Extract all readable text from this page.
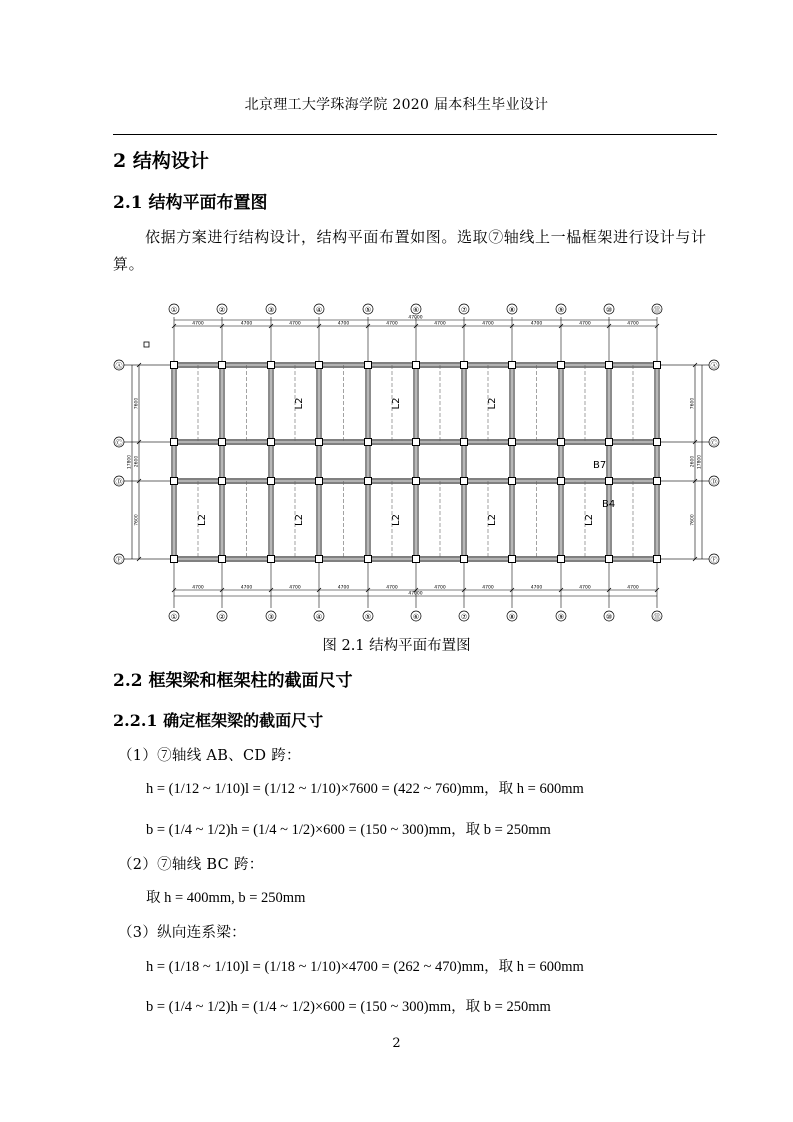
北京理工大学珠海学院 2020 届本科生毕业设计
2 结构设计
2.1 结构平面布置图
依据方案进行结构设计，结构平面布置如图。选取⑦轴线上一榀框架进行设计与计算。
①	②	③	④	⑤	⑥	⑦	⑧	⑨	⑩	⑪
①	②	③	④	⑤	⑥	⑦	⑧	⑨	⑩	⑪
Ⓐ
Ⓒ
Ⓓ
Ⓕ
Ⓐ
Ⓒ
Ⓓ
Ⓕ
47000
4700	4700	4700	4700	4700	4700	4700	4700	4700	4700
47000
4700	4700	4700	4700	4700	4700	4700	4700	4700	4700
17800
7600
2600
7600
17800
7600
2600
7600
L2	L2	L2
L2	L2	L2	L2	L2
B7
B4
图 2.1 结构平面布置图
2.2 框架梁和框架柱的截面尺寸
2.2.1 确定框架梁的截面尺寸
（1）⑦轴线 AB、CD 跨：
h = (1/12 ~ 1/10)l = (1/12 ~ 1/10)×7600 = (422 ~ 760)mm，取 h = 600mm
b = (1/4 ~ 1/2)h = (1/4 ~ 1/2)×600 = (150 ~ 300)mm，取 b = 250mm
（2）⑦轴线 BC 跨：
取 h = 400mm, b = 250mm
（3）纵向连系梁：
h = (1/18 ~ 1/10)l = (1/18 ~ 1/10)×4700 = (262 ~ 470)mm，取 h = 600mm
b = (1/4 ~ 1/2)h = (1/4 ~ 1/2)×600 = (150 ~ 300)mm，取 b = 250mm
2
